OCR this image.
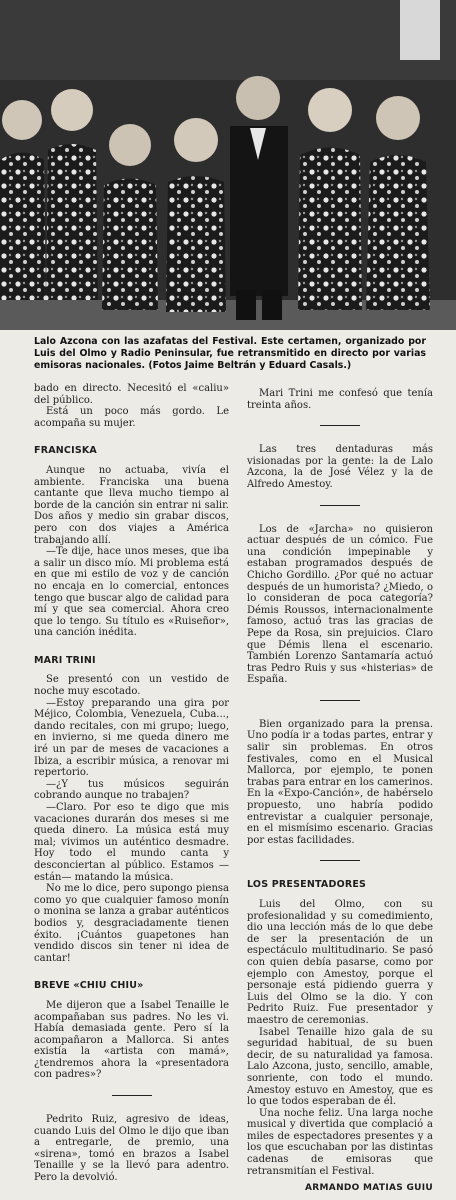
Lalo Azcona con las azafatas del Festival. Este certamen, organizado por Luis del Olmo y Radio Peninsular, fue retransmitido en directo por varias emisoras nacionales. (Fotos Jaime Beltrán y Eduard Casals.)

bado en directo. Necesitó el «caliu» del público.

Está un poco más gordo. Le acompaña su mujer.

FRANCISKA

Aunque no actuaba, vivía el ambiente. Franciska una buena cantante que lleva mucho tiempo al borde de la canción sin entrar ni salir. Dos años y medio sin grabar discos, pero con dos viajes a América trabajando allí.

—Te dije, hace unos meses, que iba a salir un disco mío. Mi problema está en que mi estilo de voz y de canción no encaja en lo comercial, entonces tengo que buscar algo de calidad para mí y que sea comercial. Ahora creo que lo tengo. Su título es «Ruiseñor», una canción inédita.

MARI TRINI

Se presentó con un vestido de noche muy escotado.

—Estoy preparando una gira por Méjico, Colombia, Venezuela, Cuba..., dando recitales, con mi grupo; luego, en invierno, si me queda dinero me iré un par de meses de vacaciones a Ibiza, a escribir música, a renovar mi repertorio.

—¿Y tus músicos seguirán cobrando aunque no trabajen?

—Claro. Por eso te digo que mis vacaciones durarán dos meses si me queda dinero. La música está muy mal; vivimos un auténtico desmadre. Hoy todo el mundo canta y desconciertan al público. Estamos —están— matando la música.

No me lo dice, pero supongo piensa como yo que cualquier famoso monín o monina se lanza a grabar auténticos bodios y, desgraciadamente tienen éxito. ¡Cuántos guapetones han vendido discos sin tener ni idea de cantar!

BREVE «CHIU CHIU»

Me dijeron que a Isabel Tenaille le acompañaban sus padres. No les vi. Había demasiada gente. Pero sí la acompañaron a Mallorca. Si antes existía la «artista con mamá», ¿tendremos ahora la «presentadora con padres»?

Pedrito Ruiz, agresivo de ideas, cuando Luis del Olmo le dijo que iban a entregarle, de premio, una «sirena», tomó en brazos a Isabel Tenaille y se la llevó para adentro. Pero la devolvió.

Mari Trini me confesó que tenía treinta años.

Las tres dentaduras más visionadas por la gente: la de Lalo Azcona, la de José Vélez y la de Alfredo Amestoy.

Los de «Jarcha» no quisieron actuar después de un cómico. Fue una condición impepinable y estaban programados después de Chicho Gordillo. ¿Por qué no actuar después de un humorista? ¿Miedo, o lo consideran de poca categoría? Démis Roussos, internacionalmente famoso, actuó tras las gracias de Pepe da Rosa, sin prejuicios. Claro que Démis llena el escenario. También Lorenzo Santamaría actuó tras Pedro Ruis y sus «histerias» de España.

Bien organizado para la prensa. Uno podía ir a todas partes, entrar y salir sin problemas. En otros festivales, como en el Musical Mallorca, por ejemplo, te ponen trabas para entrar en los camerinos. En la «Expo-Canción», de habérselo propuesto, uno habría podido entrevistar a cualquier personaje, en el mismísimo escenario. Gracias por estas facilidades.

LOS PRESENTADORES

Luis del Olmo, con su profesionalidad y su comedimiento, dio una lección más de lo que debe de ser la presentación de un espectáculo multitudinario. Se pasó con quien debía pasarse, como por ejemplo con Amestoy, porque el personaje está pidiendo guerra y Luis del Olmo se la dio. Y con Pedrito Ruiz. Fue presentador y maestro de ceremonias.

Isabel Tenaille hizo gala de su seguridad habitual, de su buen decir, de su naturalidad ya famosa. Lalo Azcona, justo, sencillo, amable, sonriente, con todo el mundo. Amestoy estuvo en Amestoy, que es lo que todos esperaban de él.

Una noche feliz. Una larga noche musical y divertida que complació a miles de espectadores presentes y a los que escuchaban por las distintas cadenas de emisoras que retransmitían el Festival.

ARMANDO MATIAS GUIU
